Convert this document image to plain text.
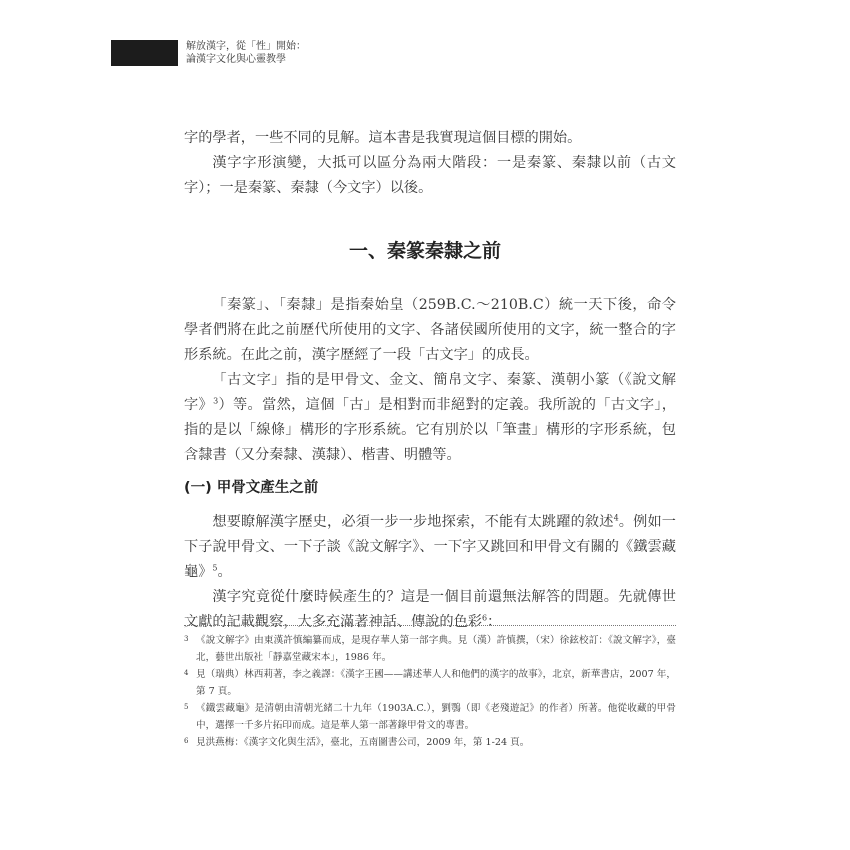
解放漢字，從「性」開始：
論漢字文化與心靈教學

字的學者，一些不同的見解。這本書是我實現這個目標的開始。

漢字字形演變，大抵可以區分為兩大階段：一是秦篆、秦隸以前（古文字）；一是秦篆、秦隸（今文字）以後。

一、秦篆秦隸之前

「秦篆」、「秦隸」是指秦始皇（259B.C.～210B.C）統一天下後，命令學者們將在此之前歷代所使用的文字、各諸侯國所使用的文字，統一整合的字形系統。在此之前，漢字歷經了一段「古文字」的成長。

「古文字」指的是甲骨文、金文、簡帛文字、秦篆、漢朝小篆（《說文解字》$^3$）等。當然，這個「古」是相對而非絕對的定義。我所說的「古文字」，指的是以「線條」構形的字形系統。它有別於以「筆畫」構形的字形系統，包含隸書（又分秦隸、漢隸）、楷書、明體等。

(一) 甲骨文產生之前

想要瞭解漢字歷史，必須一步一步地探索，不能有太跳躍的敘述$^4$。例如一下子說甲骨文、一下子談《說文解字》、一下字又跳回和甲骨文有關的《鐵雲藏龜》$^5$。

漢字究竟從什麼時候產生的？這是一個目前還無法解答的問題。先就傳世文獻的記載觀察，大多充滿著神話、傳說的色彩$^6$：

3 《說文解字》由東漢許慎編纂而成，是現存華人第一部字典。見（漢）許慎撰，（宋）徐鉉校訂：《說文解字》，臺北，藝世出版社「靜嘉堂藏宋本」，1986 年。
4 見（瑞典）林西莉著，李之義譯：《漢字王國——講述華人人和他們的漢字的故事》，北京，新華書店，2007 年，第 7 頁。
5 《鐵雲藏龜》是清朝由清朝光緒二十九年（1903A.C.），劉鶚（即《老殘遊記》的作者）所著。他從收藏的甲骨中，選擇一千多片拓印而成。這是華人第一部著錄甲骨文的專書。
6 見洪燕梅：《漢字文化與生活》，臺北，五南圖書公司，2009 年，第 1-24 頁。
